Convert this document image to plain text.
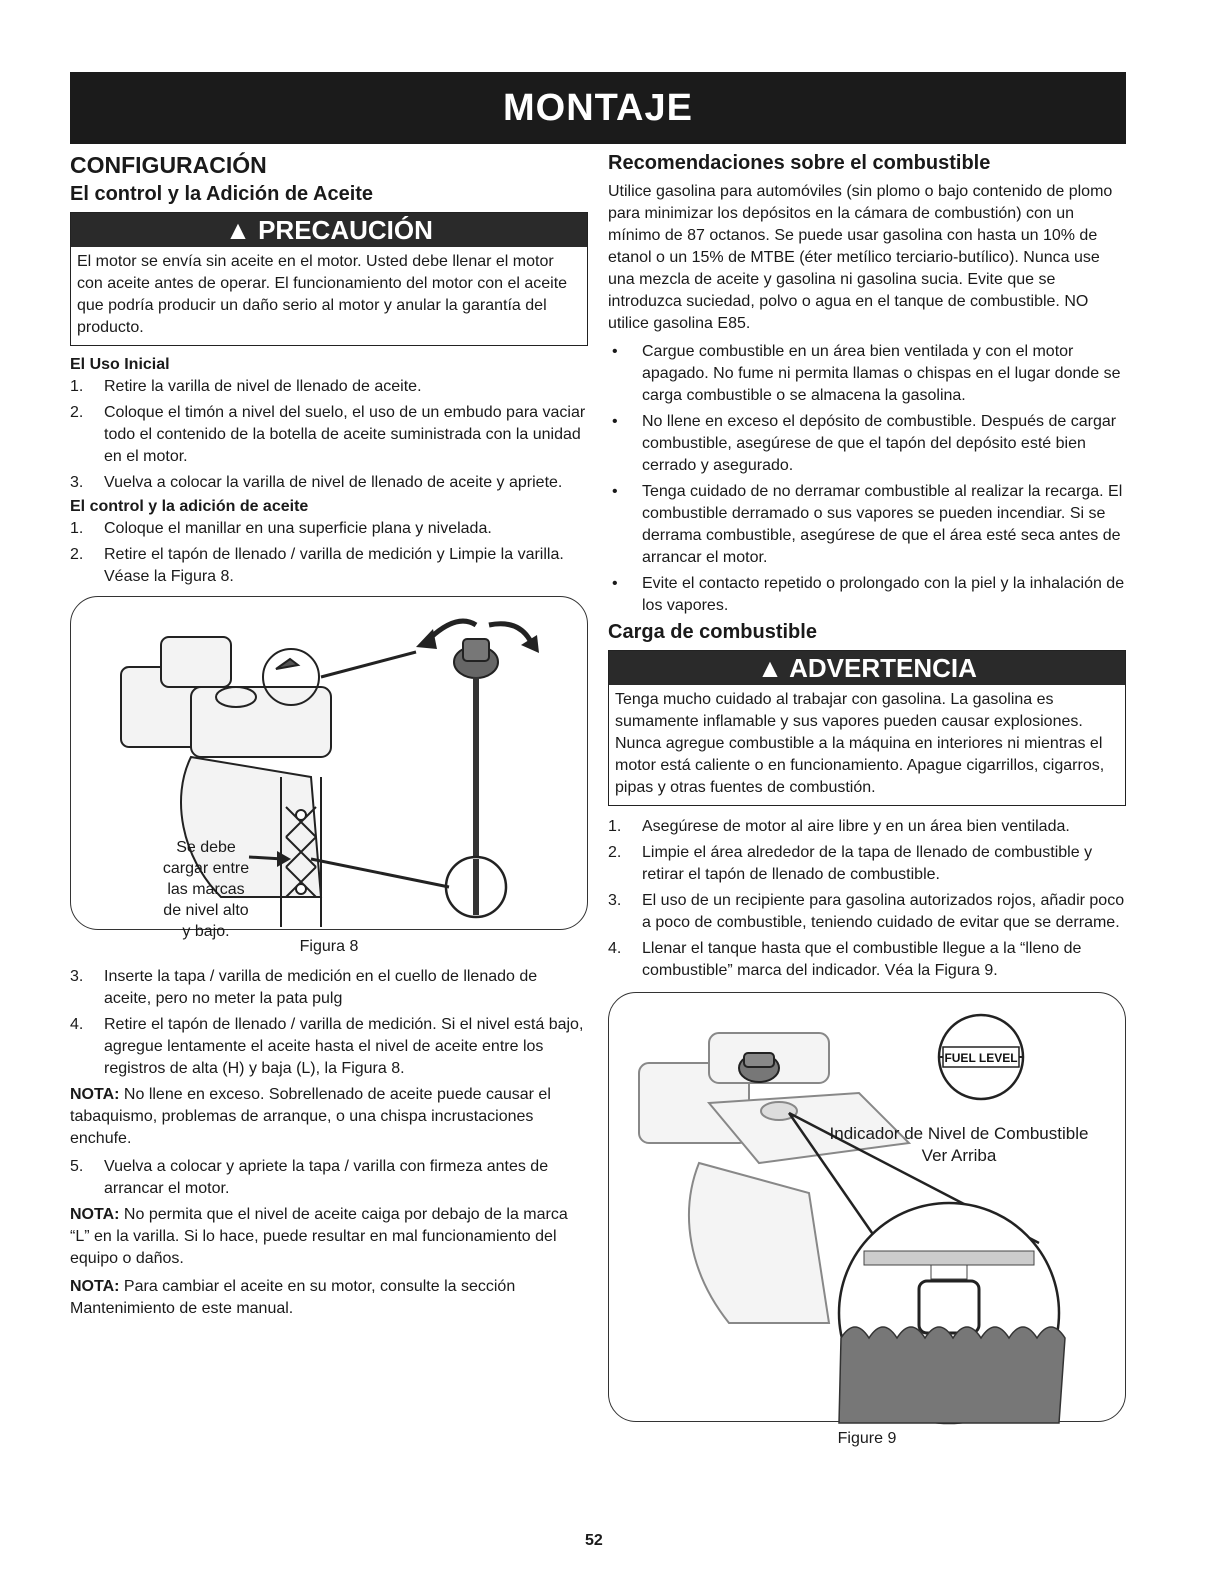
MONTAJE
CONFIGURACIÓN
El control y la Adición de Aceite
▲ PRECAUCIÓN

El motor se envía sin aceite en el motor. Usted debe llenar el motor con aceite antes de operar. El funcionamiento del motor con el aceite que podría producir un daño serio al motor y anular la garantía del producto.

El Uso Inicial
1.	Retire la varilla de nivel de llenado de aceite.
2.	Coloque el timón a nivel del suelo, el uso de un embudo para vaciar todo el contenido de la botella de aceite suministrada con la unidad en el motor.
3.	Vuelva a colocar la varilla de nivel de llenado de aceite y apriete.
El control y la adición de aceite
1.	Coloque el manillar en una superficie plana y nivelada.
2.	Retire el tapón de llenado / varilla de medición y Limpie la varilla. Véase la Figura 8.
Se debe
cargar entre
las marcas
de nivel alto
y bajo.
Figura 8
3.	Inserte la tapa / varilla de medición en el cuello de llenado de aceite, pero no meter la pata pulg
4.	Retire el tapón de llenado / varilla de medición. Si el nivel está bajo, agregue lentamente el aceite hasta el nivel de aceite entre los registros de alta (H) y baja (L), la Figura 8.

NOTA: No llene en exceso. Sobrellenado de aceite puede causar el tabaquismo, problemas de arranque, o una chispa incrustaciones enchufe.

5.	Vuelva a colocar y apriete la tapa / varilla con firmeza antes de arrancar el motor.

NOTA: No permita que el nivel de aceite caiga por debajo de la marca “L” en la varilla. Si lo hace, puede resultar en mal funcionamiento del equipo o daños.

NOTA: Para cambiar el aceite en su motor, consulte la sección Mantenimiento de este manual.

Recomendaciones sobre el combustible

Utilice gasolina para automóviles (sin plomo o bajo contenido de plomo para minimizar los depósitos en la cámara de combustión) con un mínimo de 87 octanos. Se puede usar gasolina con hasta un 10% de etanol o un 15% de MTBE (éter metílico terciario-butílico). Nunca use una mezcla de aceite y gasolina ni gasolina sucia. Evite que se introduzca suciedad, polvo o agua en el tanque de combustible. NO utilice gasolina E85.

•	Cargue combustible en un área bien ventilada y con el motor apagado. No fume ni permita llamas o chispas en el lugar donde se carga combustible o se almacena la gasolina.
•	No llene en exceso el depósito de combustible. Después de cargar combustible, asegúrese de que el tapón del depósito esté bien cerrado y asegurado.
•	Tenga cuidado de no derramar combustible al realizar la recarga. El combustible derramado o sus vapores se pueden incendiar. Si se derrama combustible, asegúrese de que el área esté seca antes de arrancar el motor.
•	Evite el contacto repetido o prolongado con la piel y la inhalación de los vapores.
Carga de combustible
▲ ADVERTENCIA

Tenga mucho cuidado al trabajar con gasolina. La gasolina es sumamente inflamable y sus vapores pueden causar explosiones. Nunca agregue combustible a la máquina en interiores ni mientras el motor está caliente o en funcionamiento. Apague cigarrillos, cigarros, pipas y otras fuentes de combustión.

1.	Asegúrese de motor al aire libre y en un área bien ventilada.
2.	Limpie el área alrededor de la tapa de llenado de combustible y retirar el tapón de llenado de combustible.
3.	El uso de un recipiente para gasolina autorizados rojos, añadir poco a poco de combustible, teniendo cuidado de evitar que se derrame.
4.	Llenar el tanque hasta que el combustible llegue a la “lleno de combustible” marca del indicador. Véa la Figura 9.
FUEL LEVEL
Indicador de Nivel de Combustible
Ver Arriba
Figure 9
52
